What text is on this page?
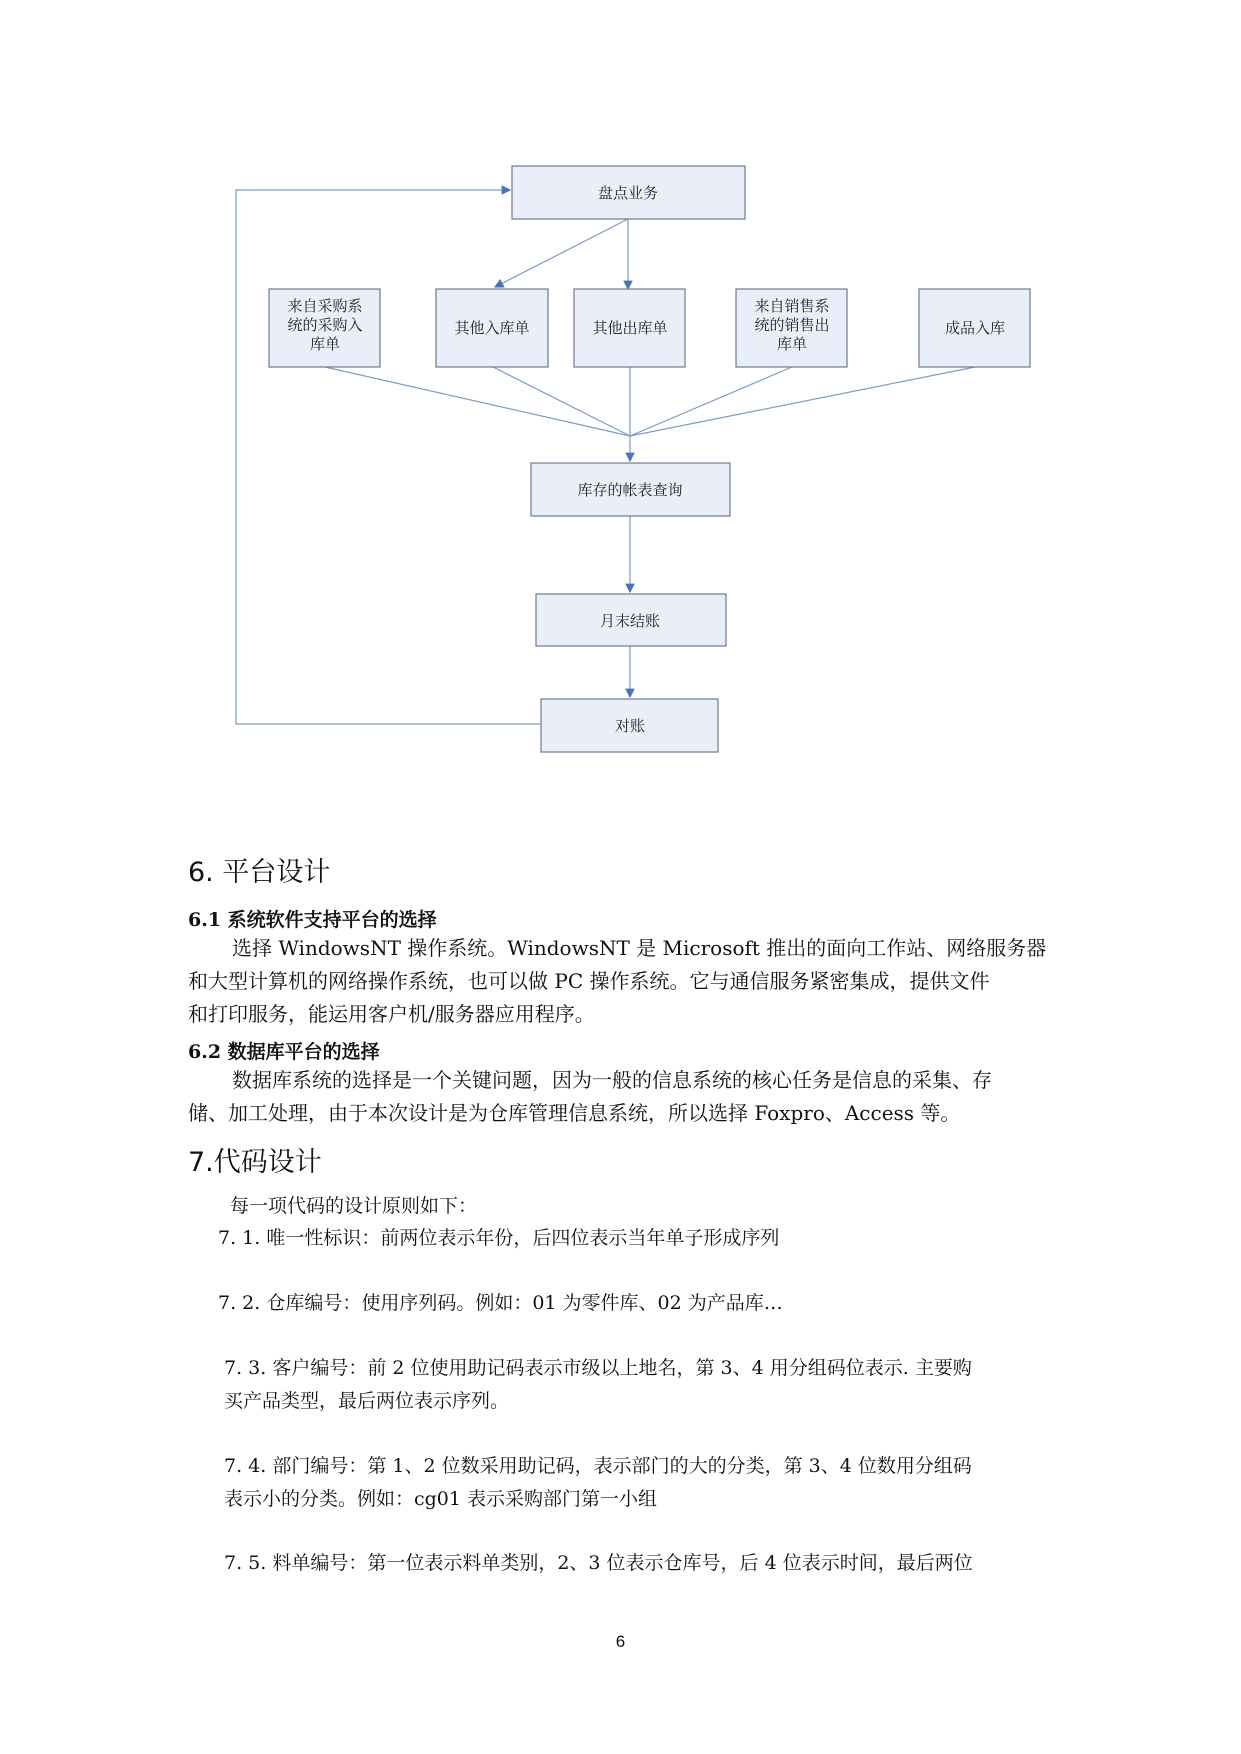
盘点业务
来自采购系
统的采购入
库单
其他入库单	其他出库单
来自销售系
统的销售出
库单
成品入库
库存的帐表查询
月末结账
对账
6. 平台设计
6.1 系统软件支持平台的选择
选择 WindowsNT 操作系统。WindowsNT 是 Microsoft 推出的面向工作站、网络服务器
和大型计算机的网络操作系统，也可以做 PC 操作系统。它与通信服务紧密集成，提供文件
和打印服务，能运用客户机/服务器应用程序。
6.2 数据库平台的选择
数据库系统的选择是一个关键问题，因为一般的信息系统的核心任务是信息的采集、存
储、加工处理，由于本次设计是为仓库管理信息系统，所以选择 Foxpro、Access 等。
7.代码设计

每一项代码的设计原则如下：

7. 1. 唯一性标识：前两位表示年份，后四位表示当年单子形成序列
7. 2. 仓库编号：使用序列码。例如：01 为零件库、02 为产品库…
7. 3. 客户编号：前 2 位使用助记码表示市级以上地名，第 3、4 用分组码位表示. 主要购
买产品类型，最后两位表示序列。
7. 4. 部门编号：第 1、2 位数采用助记码，表示部门的大的分类，第 3、4 位数用分组码
表示小的分类。例如：cg01 表示采购部门第一小组
7. 5. 料单编号：第一位表示料单类别，2、3 位表示仓库号，后 4 位表示时间，最后两位
6
